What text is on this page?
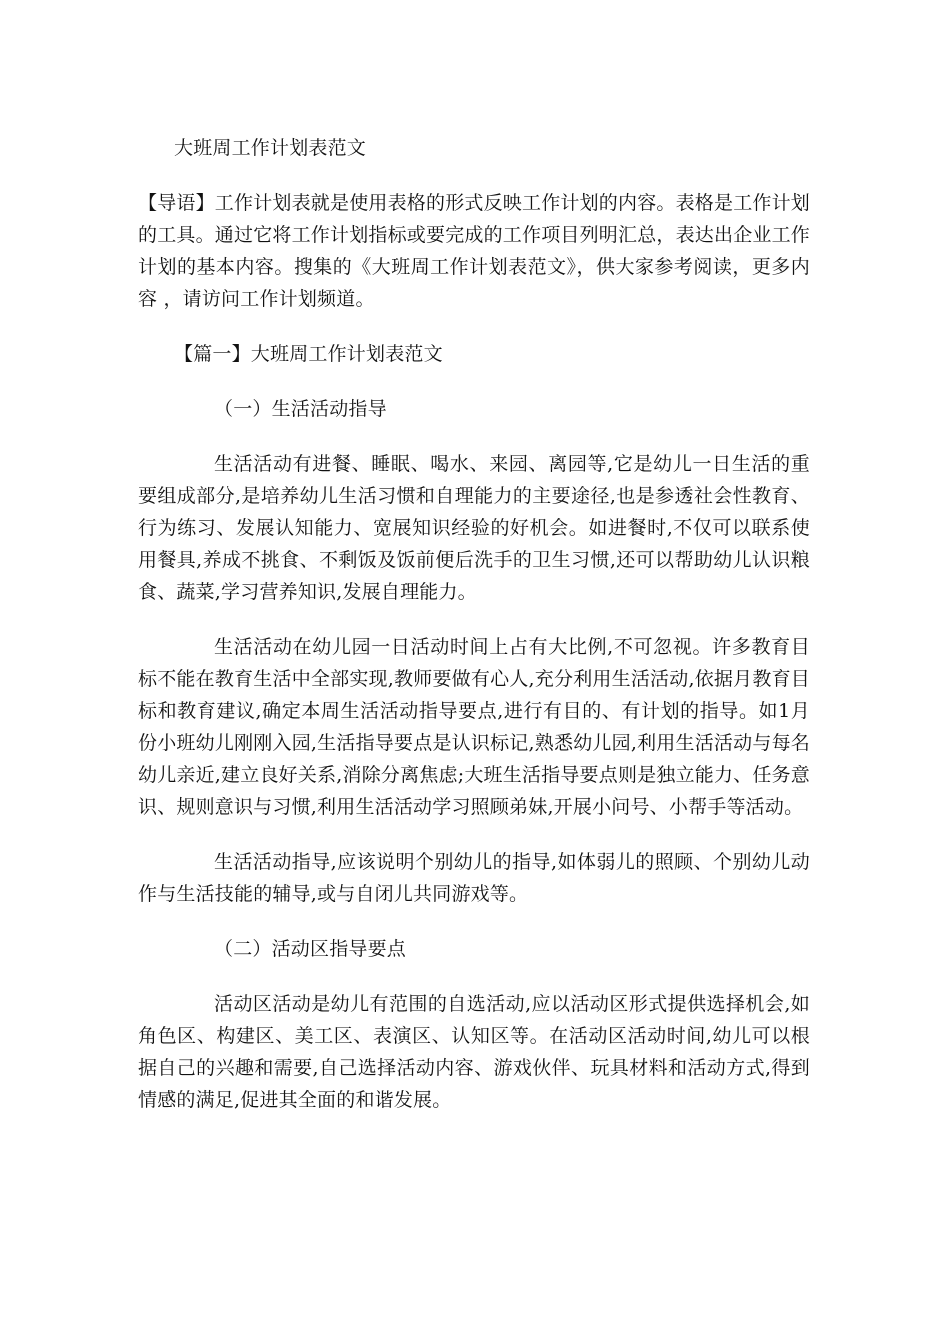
大班周工作计划表范文

【导语】工作计划表就是使用表格的形式反映工作计划的内容。表格是工作计划的工具。通过它将工作计划指标或要完成的工作项目列明汇总，表达出企业工作计划的基本内容。搜集的《大班周工作计划表范文》，供大家参考阅读，更多内容 ，请访问工作计划频道。

【篇一】大班周工作计划表范文

（一）生活活动指导

生活活动有进餐、睡眠、喝水、来园、离园等,它是幼儿一日生活的重要组成部分,是培养幼儿生活习惯和自理能力的主要途径,也是参透社会性教育、行为练习、发展认知能力、宽展知识经验的好机会。如进餐时,不仅可以联系使用餐具,养成不挑食、不剩饭及饭前便后洗手的卫生习惯,还可以帮助幼儿认识粮食、蔬菜,学习营养知识,发展自理能力。

生活活动在幼儿园一日活动时间上占有大比例,不可忽视。许多教育目标不能在教育生活中全部实现,教师要做有心人,充分利用生活活动,依据月教育目标和教育建议,确定本周生活活动指导要点,进行有目的、有计划的指导。如1月份小班幼儿刚刚入园,生活指导要点是认识标记,熟悉幼儿园,利用生活活动与每名幼儿亲近,建立良好关系,消除分离焦虑;大班生活指导要点则是独立能力、任务意识、规则意识与习惯,利用生活活动学习照顾弟妹,开展小问号、小帮手等活动。

生活活动指导,应该说明个别幼儿的指导,如体弱儿的照顾、个别幼儿动作与生活技能的辅导,或与自闭儿共同游戏等。

（二）活动区指导要点

活动区活动是幼儿有范围的自选活动,应以活动区形式提供选择机会,如角色区、构建区、美工区、表演区、认知区等。在活动区活动时间,幼儿可以根据自己的兴趣和需要,自己选择活动内容、游戏伙伴、玩具材料和活动方式,得到情感的满足,促进其全面的和谐发展。
